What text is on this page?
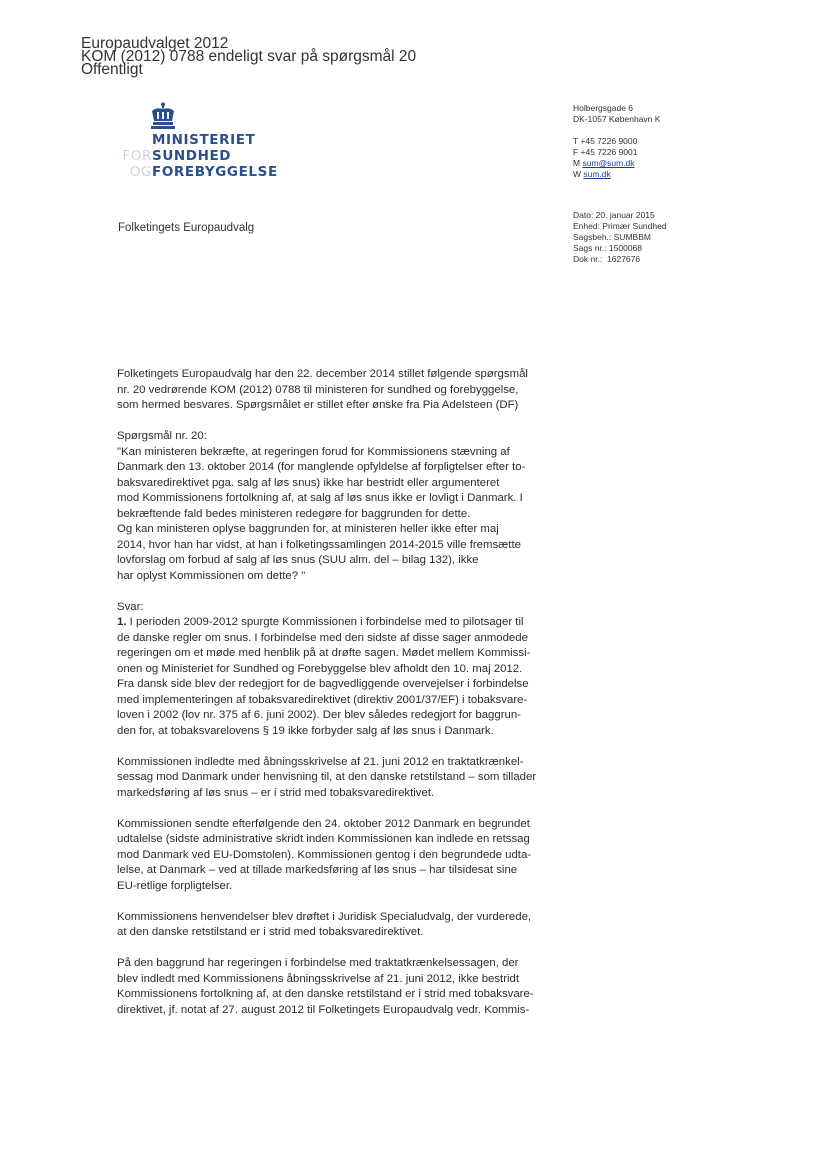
Europaudvalget 2012
KOM (2012) 0788 endeligt svar på spørgsmål 20
Offentligt
MINISTERIET
FORSUNDHED
OGFOREBYGGELSE
Holbergsgade 6
DK-1057 København K
T +45 7226 9000
F +45 7226 9001
M sum@sum.dk
W sum.dk
Dato: 20. januar 2015
Enhed: Primær Sundhed
Sagsbeh.: SUMBBM
Sags nr.: 1500068
Dok nr.:  1627676
Folketingets Europaudvalg

Folketingets Europaudvalg har den 22. december 2014 stillet følgende spørgsmål
nr. 20 vedrørende KOM (2012) 0788 til ministeren for sundhed og forebyggelse,
som hermed besvares. Spørgsmålet er stillet efter ønske fra Pia Adelsteen (DF)

Spørgsmål nr. 20:
"Kan ministeren bekræfte, at regeringen forud for Kommissionens stævning af
Danmark den 13. oktober 2014 (for manglende opfyldelse af forpligtelser efter to-
baksvaredirektivet pga. salg af løs snus) ikke har bestridt eller argumenteret
mod Kommissionens fortolkning af, at salg af løs snus ikke er lovligt i Danmark. I
bekræftende fald bedes ministeren redegøre for baggrunden for dette.
Og kan ministeren oplyse baggrunden for, at ministeren heller ikke efter maj
2014, hvor han har vidst, at han i folketingssamlingen 2014-2015 ville fremsætte
lovforslag om forbud af salg af løs snus (SUU alm. del – bilag 132), ikke
har oplyst Kommissionen om dette? "

Svar:
1. I perioden 2009-2012 spurgte Kommissionen i forbindelse med to pilotsager til
de danske regler om snus. I forbindelse med den sidste af disse sager anmodede
regeringen om et møde med henblik på at drøfte sagen. Mødet mellem Kommissi-
onen og Ministeriet for Sundhed og Forebyggelse blev afholdt den 10. maj 2012.
Fra dansk side blev der redegjort for de bagvedliggende overvejelser i forbindelse
med implementeringen af tobaksvaredirektivet (direktiv 2001/37/EF) i tobaksvare-
loven i 2002 (lov nr. 375 af 6. juni 2002). Der blev således redegjort for baggrun-
den for, at tobaksvarelovens § 19 ikke forbyder salg af løs snus i Danmark.

Kommissionen indledte med åbningsskrivelse af 21. juni 2012 en traktatkrænkel-
sessag mod Danmark under henvisning til, at den danske retstilstand – som tillader
markedsføring af løs snus – er i strid med tobaksvaredirektivet.

Kommissionen sendte efterfølgende den 24. oktober 2012 Danmark en begrundet
udtalelse (sidste administrative skridt inden Kommissionen kan indlede en retssag
mod Danmark ved EU-Domstolen). Kommissionen gentog i den begrundede udta-
lelse, at Danmark – ved at tillade markedsføring af løs snus – har tilsidesat sine
EU-retlige forpligtelser.

Kommissionens henvendelser blev drøftet i Juridisk Specialudvalg, der vurderede,
at den danske retstilstand er i strid med tobaksvaredirektivet.

På den baggrund har regeringen i forbindelse med traktatkrænkelsessagen, der
blev indledt med Kommissionens åbningsskrivelse af 21. juni 2012, ikke bestridt
Kommissionens fortolkning af, at den danske retstilstand er i strid med tobaksvare-
direktivet, jf. notat af 27. august 2012 til Folketingets Europaudvalg vedr. Kommis-
